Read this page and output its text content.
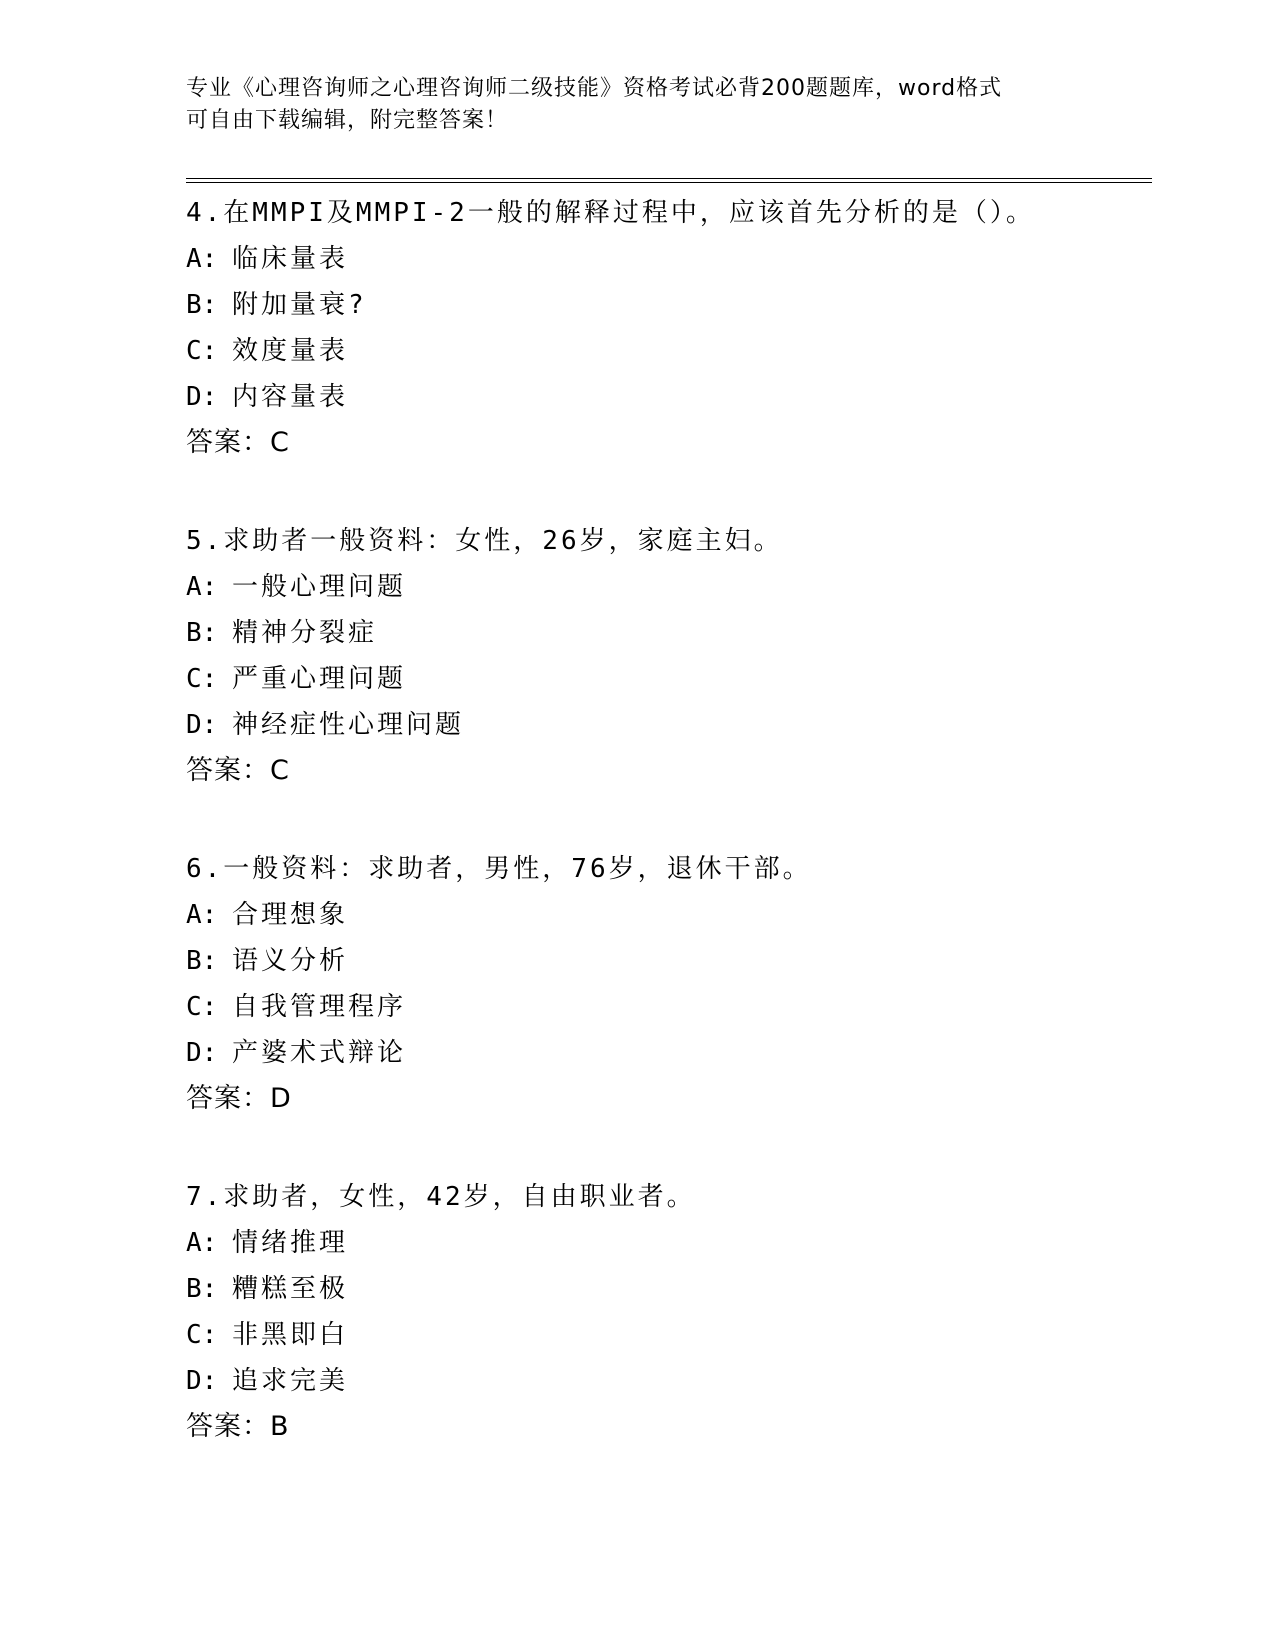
专业《心理咨询师之心理咨询师二级技能》资格考试必背200题题库，word格式
可自由下载编辑，附完整答案！
4.在MMPI及MMPI-2一般的解释过程中，应该首先分析的是（）。
A: 临床量表
B: 附加量衰?
C: 效度量表
D: 内容量表
答案：C
5.求助者一般资料：女性，26岁，家庭主妇。
A: 一般心理问题
B: 精神分裂症
C: 严重心理问题
D: 神经症性心理问题
答案：C
6.一般资料：求助者，男性，76岁，退休干部。
A: 合理想象
B: 语义分析
C: 自我管理程序
D: 产婆术式辩论
答案：D
7.求助者，女性，42岁，自由职业者。
A: 情绪推理
B: 糟糕至极
C: 非黑即白
D: 追求完美
答案：B
